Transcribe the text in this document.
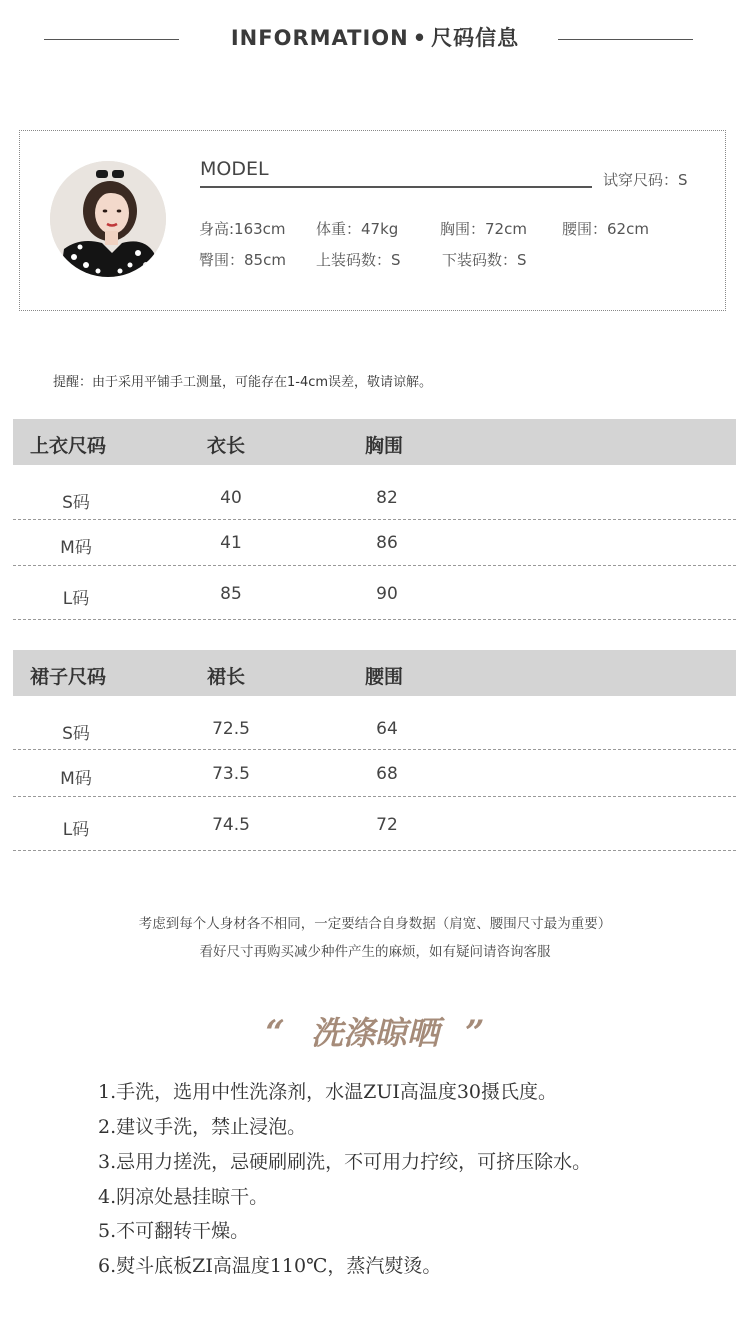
INFORMATION • 尺码信息
MODEL	试穿尺码：S
身高:163cm 体重：47kg	胸围：72cm 腰围：62cm
臀围：85cm 上装码数：S	下装码数：S
提醒：由于采用平铺手工测量，可能存在1-4cm误差，敬请谅解。
上衣尺码	衣长	胸围
S码	40	82
M码	41	86
L码	85	90
裙子尺码	裙长	腰围
S码	72.5	64
M码	73.5	68
L码	74.5	72
考虑到每个人身材各不相同，一定要结合自身数据（肩宽、腰围尺寸最为重要）
看好尺寸再购买减少种件产生的麻烦，如有疑问请咨询客服
“ 洗涤晾晒 ”
1.手洗，选用中性洗涤剂，水温ZUI高温度30摄氏度。
2.建议手洗，禁止浸泡。
3.忌用力搓洗，忌硬刷刷洗，不可用力拧绞，可挤压除水。
4.阴凉处悬挂晾干。
5.不可翻转干燥。
6.熨斗底板ZI高温度110℃，蒸汽熨烫。
